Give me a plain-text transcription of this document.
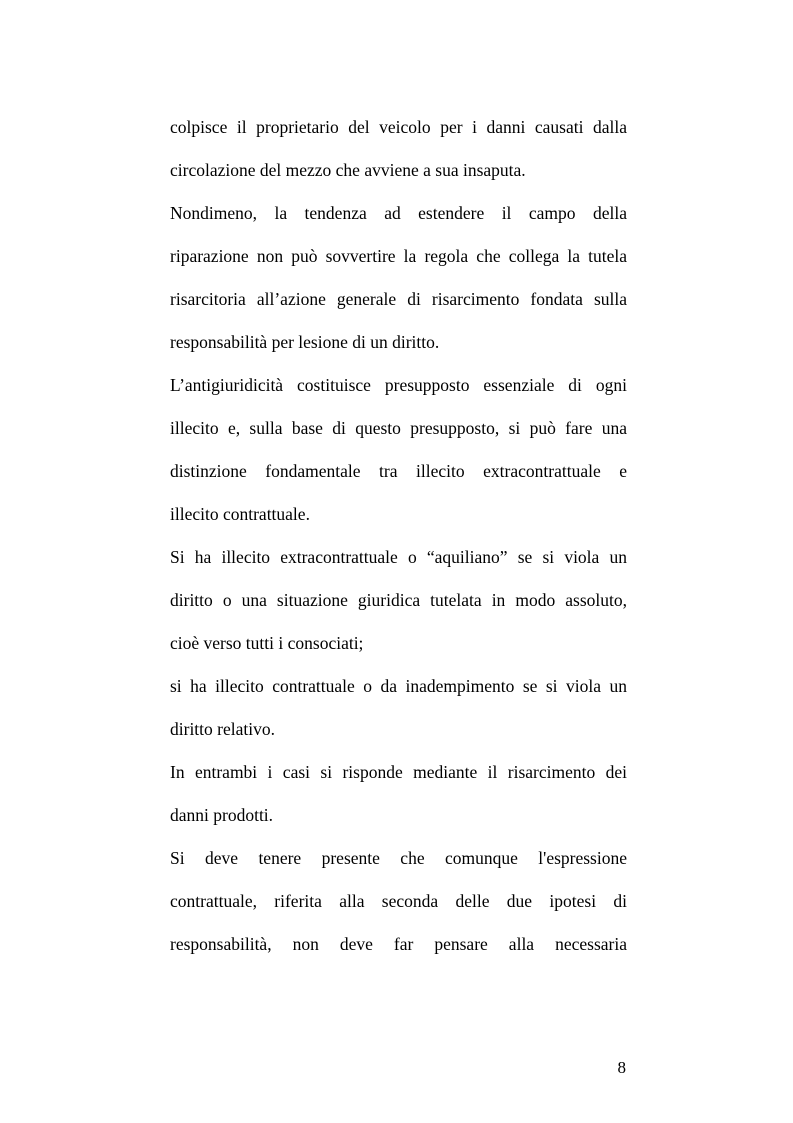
colpisce il proprietario del veicolo per i danni causati dalla
circolazione del mezzo che avviene a sua insaputa.
Nondimeno, la tendenza ad estendere il campo della
riparazione non può sovvertire la regola che collega la tutela
risarcitoria all’azione generale di risarcimento fondata sulla
responsabilità per lesione di un diritto.
L’antigiuridicità costituisce presupposto essenziale di ogni
illecito e, sulla base di questo presupposto, si può fare una
distinzione fondamentale tra illecito extracontrattuale e
illecito contrattuale.
Si ha illecito extracontrattuale o “aquiliano” se si viola un
diritto o una situazione giuridica tutelata in modo assoluto,
cioè verso tutti i consociati;
si ha illecito contrattuale o da inadempimento se si viola un
diritto relativo.
In entrambi i casi si risponde mediante il risarcimento dei
danni prodotti.
Si deve tenere presente che comunque l'espressione
contrattuale, riferita alla seconda delle due ipotesi di
responsabilità, non deve far pensare alla necessaria
8
